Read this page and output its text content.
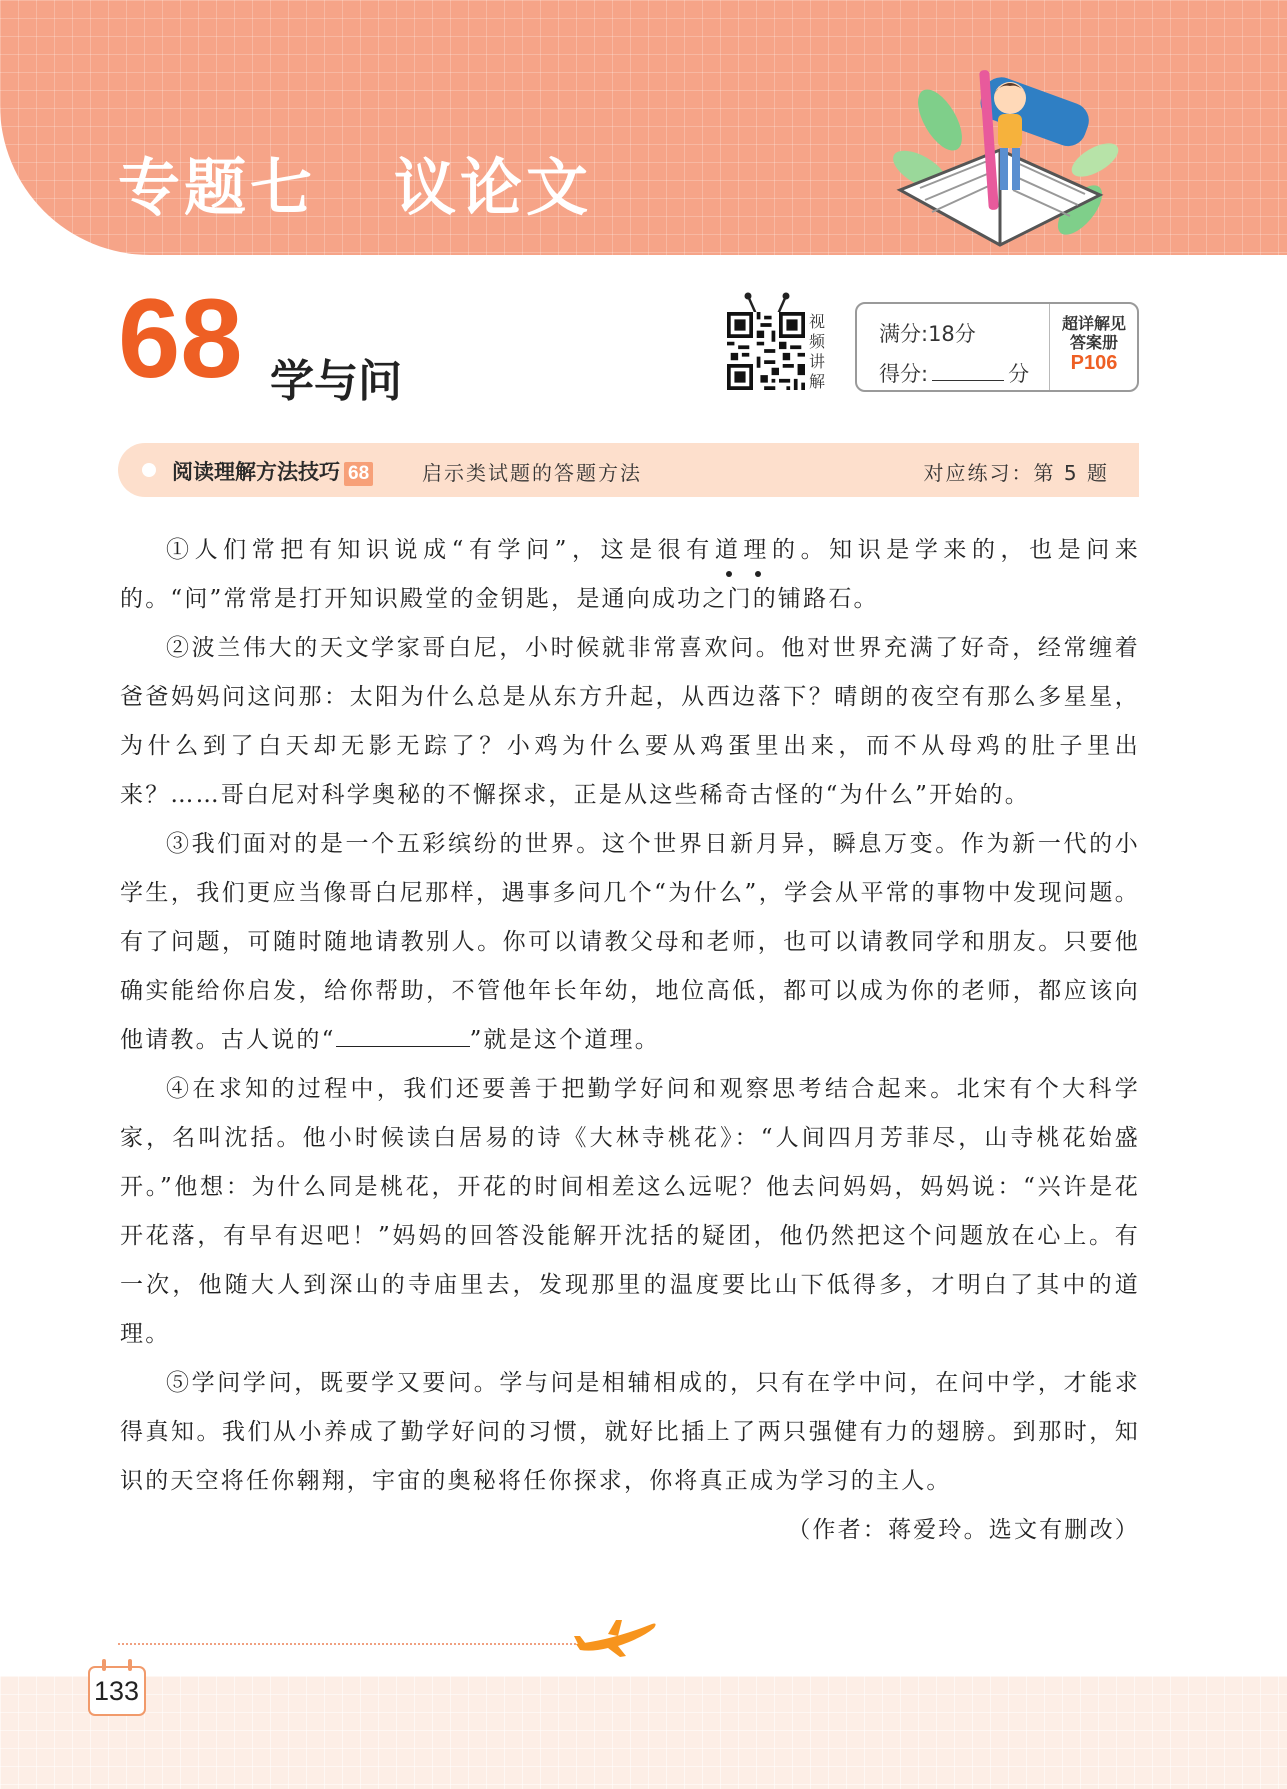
专题七 议论文
68 学与问
视
频
讲
解
满分:18分
得分:	分
超详解见
答案册
P106
阅读理解方法技巧 68	启示类试题的答题方法	对应练习：第 5 题

①人们常把有知识说成“有学问”，这是很有道
理
的。知识是学来的，也是问来的。“问”常常是打开知识殿堂的金钥匙，是通向成功之门的铺路石。

②波兰伟大的天文学家哥白尼，小时候就非常喜欢问。他对世界充满了好奇，经常缠着爸爸妈妈问这问那：太阳为什么总是从东方升起，从西边落下？晴朗的夜空有那么多星星，为什么到了白天却无影无踪了？小鸡为什么要从鸡蛋里出来，而不从母鸡的肚子里出来？……哥白尼对科学奥秘的不懈探求，正是从这些稀奇古怪的“为什么”开始的。

③我们面对的是一个五彩缤纷的世界。这个世界日新月异，瞬息万变。作为新一代的小学生，我们更应当像哥白尼那样，遇事多问几个“为什么”，学会从平常的事物中发现问题。有了问题，可随时随地请教别人。你可以请教父母和老师，也可以请教同学和朋友。只要他确实能给你启发，给你帮助，不管他年长年幼，地位高低，都可以成为你的老师，都应该向他请教。古人说的“	”就是这个道理。

④在求知的过程中，我们还要善于把勤学好问和观察思考结合起来。北宋有个大科学家，名叫沈括。他小时候读白居易的诗《大林寺桃花》：“人间四月芳菲尽，山寺桃花始盛开。”他想：为什么同是桃花，开花的时间相差这么远呢？他去问妈妈，妈妈说：“兴许是花开花落，有早有迟吧！”妈妈的回答没能解开沈括的疑团，他仍然把这个问题放在心上。有一次，他随大人到深山的寺庙里去，发现那里的温度要比山下低得多，才明白了其中的道理。

⑤学问学问，既要学又要问。学与问是相辅相成的，只有在学中问，在问中学，才能求得真知。我们从小养成了勤学好问的习惯，就好比插上了两只强健有力的翅膀。到那时，知识的天空将任你翱翔，宇宙的奥秘将任你探求，你将真正成为学习的主人。

（作者：蒋爱玲。选文有删改）

133
